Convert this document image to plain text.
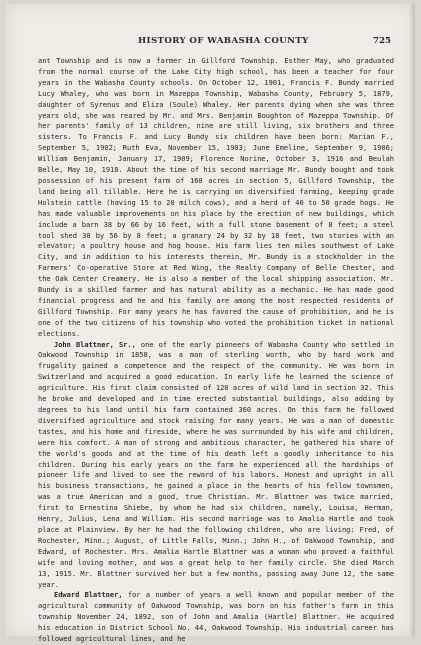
HISTORY OF WABASHA COUNTY	725

ant Township and is now a farmer in Gillford Township. Esther May, who graduated from the normal course of the Lake City high school, has been a teacher for four years in the Wabasha County schools. On October 12, 1901, Francis F. Bundy married Lucy Whaley, who was born in Mazeppa Township, Wabasha County, February 5, 1879, daughter of Syrenus and Eliza (Soule) Whaley. Her parents dying when she was three years old, she was reared by Mr. and Mrs. Benjamin Boughton of Mazeppa Township. Of her parents' family of 13 children, nine are still living, six brothers and three sisters. To Francis F. and Lucy Bundy six children have been born: Marian F., September 5, 1902; Ruth Eva, November 15, 1903; June Emeline, September 9, 1906; William Benjamin, January 17, 1909; Florence Norine, October 3, 1916 and Beulah Belle, May 10, 1918. About the time of his second marriage Mr. Bundy bought and took possession of his present farm of 160 acres in section 5, Gillford Township, the land being all tillable. Here he is carrying on diversified farming, keeping grade Holstein cattle (having 15 to 20 milch cows), and a herd of 40 to 50 grade hogs. He has made valuable improvements on his place by the erection of new buildings, which include a barn 38 by 66 by 16 feet, with a full stone basement of 8 feet; a steel tool shed 30 by 56 by 8 feet; a granary 24 by 32 by 18 feet, two stories with an elevator; a poultry house and hog house. His farm lies ten miles southwest of Lake City, and in addition to his interests therein, Mr. Bundy is a stockholder in the Farmers' Co-operative Store at Red Wing, the Realty Company of Belle Chester, and the Oak Center Creamery. He is also a member of the local shipping association. Mr. Bundy is a skilled farmer and has natural ability as a mechanic. He has made good financial progress and he and his family are among the most respected residents of Gillford Township. For many years he has favored the cause of prohibition, and he is one of the two citizens of his township who voted the prohibition ticket in national elections.

John Blattner, Sr., one of the early pioneers of Wabasha County who settled in Oakwood Township in 1858, was a man of sterling worth, who by hard work and frugality gained a competence and the respect of the community. He was born in Switzerland and acquired a good education. In early life he learned the science of agriculture. His first claim consisted of 120 acres of wild land in section 32. This he broke and developed and in time erected substantial buildings, also adding by degrees to his land until his farm contained 360 acres. On this farm he followed diversified agriculture and stock raising for many years. He was a man of domestic tastes, and his home and fireside, where he was surrounded by his wife and children, were his comfort. A man of strong and ambitious character, he gathered his share of the world's goods and at the time of his death left a goodly inheritance to his children. During his early years on the farm he experienced all the hardships of pioneer life and lived to see the reward of his labors. Honest and upright in all his business transactions, he gained a place in the hearts of his fellow townsmen, was a true American and a good, true Christian. Mr. Blattner was twice married, first to Ernestina Shiebe, by whom he had six children, namely, Louisa, Herman, Henry, Julius, Lena and William. His second marriage was to Amalia Hartle and took place at Plainview. By her he had the following children, who are living: Fred, of Rochester, Minn.; August, of Little Falls, Minn.; John H., of Oakwood Township, and Edward, of Rochester. Mrs. Amalia Hartle Blattner was a woman who proved a faithful wife and loving mother, and was a great help to her family circle. She died March 13, 1915. Mr. Blattner survived her but a few months, passing away June 12, the same year.

Edward Blattner, for a number of years a well known and popular member of the agricultural community of Oakwood Township, was born on his father's farm in this township November 24, 1892, son of John and Amalia (Hartle) Blattner. He acquired his education in District School No. 44, Oakwood Township. His industrial career has followed agricultural lines, and he
